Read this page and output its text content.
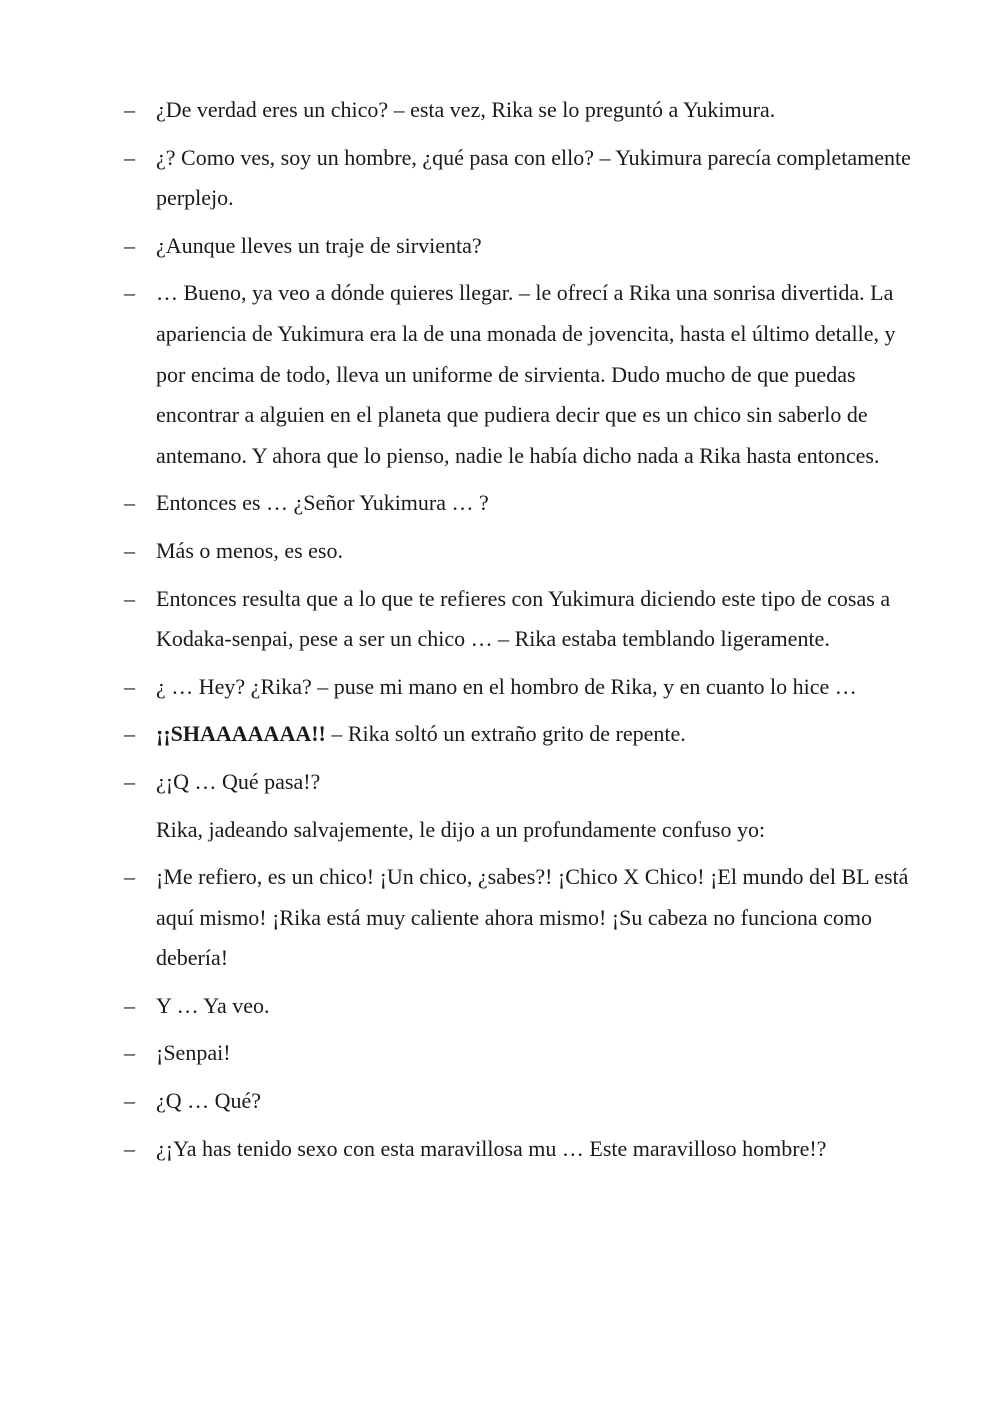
– ¿De verdad eres un chico? – esta vez, Rika se lo preguntó a Yukimura.

– ¿? Como ves, soy un hombre, ¿qué pasa con ello? – Yukimura parecía completamente perplejo.

– ¿Aunque lleves un traje de sirvienta?

– … Bueno, ya veo a dónde quieres llegar. – le ofrecí a Rika una sonrisa divertida. La apariencia de Yukimura era la de una monada de jovencita, hasta el último detalle, y por encima de todo, lleva un uniforme de sirvienta. Dudo mucho de que puedas encontrar a alguien en el planeta que pudiera decir que es un chico sin saberlo de antemano. Y ahora que lo pienso, nadie le había dicho nada a Rika hasta entonces.

– Entonces es … ¿Señor Yukimura … ?

– Más o menos, es eso.

– Entonces resulta que a lo que te refieres con Yukimura diciendo este tipo de cosas a Kodaka-senpai, pese a ser un chico … – Rika estaba temblando ligeramente.

– ¿ … Hey? ¿Rika? – puse mi mano en el hombro de Rika, y en cuanto lo hice …

– ¡¡SHAAAAAAA!! – Rika soltó un extraño grito de repente.

– ¿¡Q … Qué pasa!?

Rika, jadeando salvajemente, le dijo a un profundamente confuso yo:

– ¡Me refiero, es un chico! ¡Un chico, ¿sabes?! ¡Chico X Chico! ¡El mundo del BL está aquí mismo! ¡Rika está muy caliente ahora mismo! ¡Su cabeza no funciona como debería!

– Y … Ya veo.

– ¡Senpai!

– ¿Q … Qué?

– ¿¡Ya has tenido sexo con esta maravillosa mu … Este maravilloso hombre!?
